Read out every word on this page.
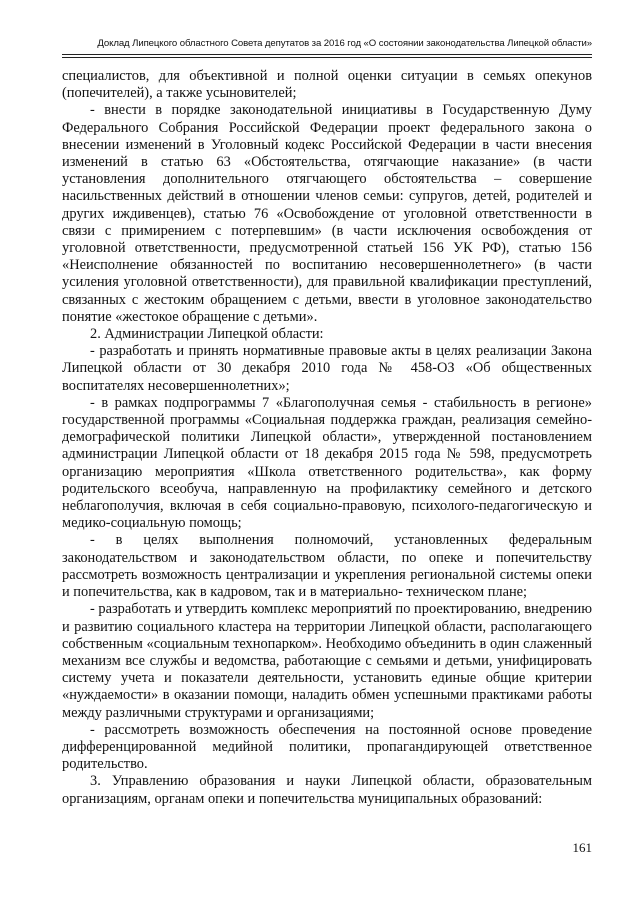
Доклад Липецкого областного Совета депутатов за 2016 год «О состоянии законодательства Липецкой области»

специалистов, для объективной и полной оценки ситуации в семьях опекунов (попечителей), а также усыновителей;

- внести в порядке законодательной инициативы в Государственную Думу Федерального Собрания Российской Федерации проект федерального закона о внесении изменений в Уголовный кодекс Российской Федерации в части внесения изменений в статью 63 «Обстоятельства, отягчающие наказание» (в части установления дополнительного отягчающего обстоятельства – совершение насильственных действий в отношении членов семьи: супругов, детей, родителей и других иждивенцев), статью 76 «Освобождение от уголовной ответственности в связи с примирением с потерпевшим» (в части исключения освобождения от уголовной ответственности, предусмотренной статьей 156 УК РФ), статью 156 «Неисполнение обязанностей по воспитанию несовершеннолетнего» (в части усиления уголовной ответственности), для правильной квалификации преступлений, связанных с жестоким обращением с детьми, ввести в уголовное законодательство понятие «жестокое обращение с детьми».

2. Администрации Липецкой области:

- разработать и принять нормативные правовые акты в целях реализации Закона Липецкой области от 30 декабря 2010 года № 458-ОЗ «Об общественных воспитателях несовершеннолетних»;

- в рамках подпрограммы 7 «Благополучная семья - стабильность в регионе» государственной программы «Социальная поддержка граждан, реализация семейно-демографической политики Липецкой области», утвержденной постановлением администрации Липецкой области от 18 декабря 2015 года № 598, предусмотреть организацию мероприятия «Школа ответственного родительства», как форму родительского всеобуча, направленную на профилактику семейного и детского неблагополучия, включая в себя социально-правовую, психолого-педагогическую и медико-социальную помощь;

- в целях выполнения полномочий, установленных федеральным законодательством и законодательством области, по опеке и попечительству рассмотреть возможность централизации и укрепления региональной системы опеки и попечительства, как в кадровом, так и в материально- техническом плане;

- разработать и утвердить комплекс мероприятий по проектированию, внедрению и развитию социального кластера на территории Липецкой области, располагающего собственным «социальным технопарком». Необходимо объединить в один слаженный механизм все службы и ведомства, работающие с семьями и детьми, унифицировать систему учета и показатели деятельности, установить единые общие критерии «нуждаемости» в оказании помощи, наладить обмен успешными практиками работы между различными структурами и организациями;

- рассмотреть возможность обеспечения на постоянной основе проведение дифференцированной медийной политики, пропагандирующей ответственное родительство.

3. Управлению образования и науки Липецкой области, образовательным организациям, органам опеки и попечительства муниципальных образований:

161
